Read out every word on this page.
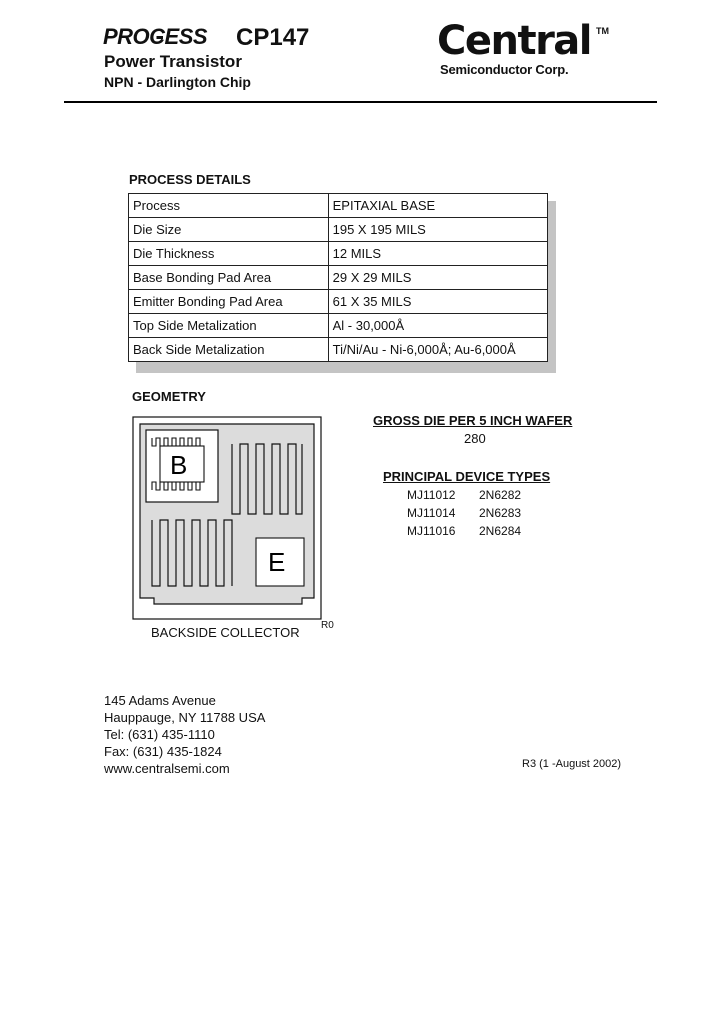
PROCESS CP147
Power Transistor
NPN - Darlington Chip
Central TM
Semiconductor Corp.
PROCESS DETAILS
Process	EPITAXIAL BASE
Die Size	195 X 195 MILS
Die Thickness	12 MILS
Base Bonding Pad Area	29 X 29 MILS
Emitter Bonding Pad Area	61 X 35 MILS
Top Side Metalization	Al - 30,000Å
Back Side Metalization	Ti/Ni/Au - Ni-6,000Å; Au-6,000Å
GEOMETRY
B
E
BACKSIDE COLLECTOR R0
GROSS DIE PER 5 INCH WAFER
280
PRINCIPAL DEVICE TYPES
MJ11012	2N6282
MJ11014	2N6283
MJ11016	2N6284
145 Adams Avenue
Hauppauge, NY 11788 USA
Tel: (631) 435-1110
Fax: (631) 435-1824
www.centralsemi.com	R3 (1 -August 2002)
